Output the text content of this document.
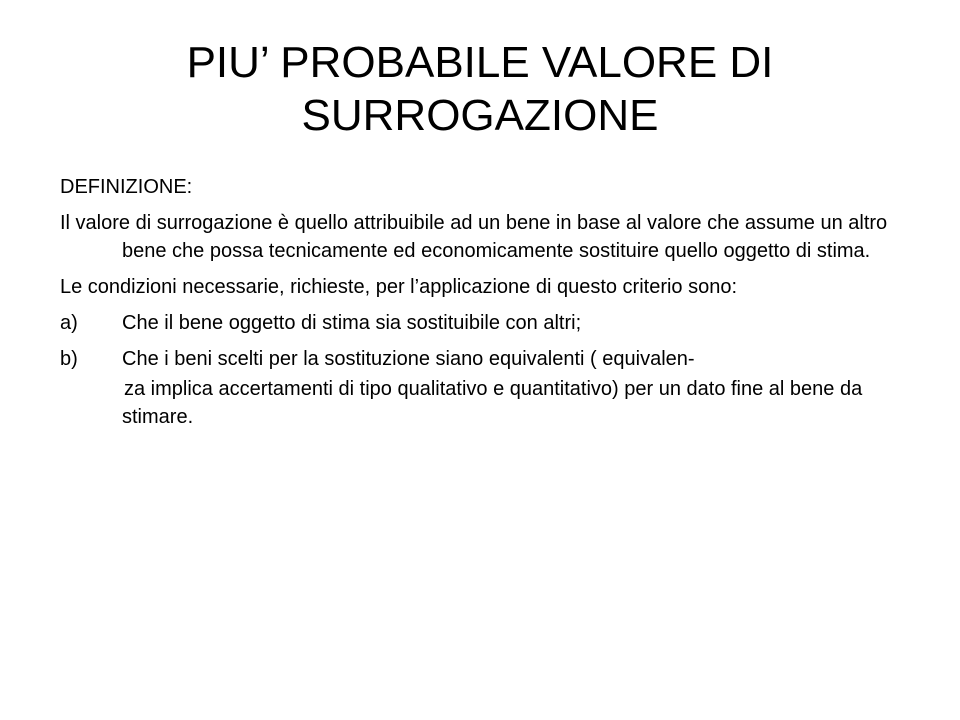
PIU’ PROBABILE VALORE DI SURROGAZIONE

DEFINIZIONE:

Il valore di surrogazione è quello attribuibile ad un bene in base al valore che assume un altro bene che possa tecnicamente ed economicamente sostituire quello oggetto di stima.

Le condizioni necessarie, richieste, per l’applicazione di questo criterio sono:

a) Che il bene oggetto di stima sia sostituibile con altri;
b) Che i beni scelti per la sostituzione siano equivalenti ( equivalen-

za implica accertamenti di tipo qualitativo e quantitativo) per un dato fine al bene da stimare.
